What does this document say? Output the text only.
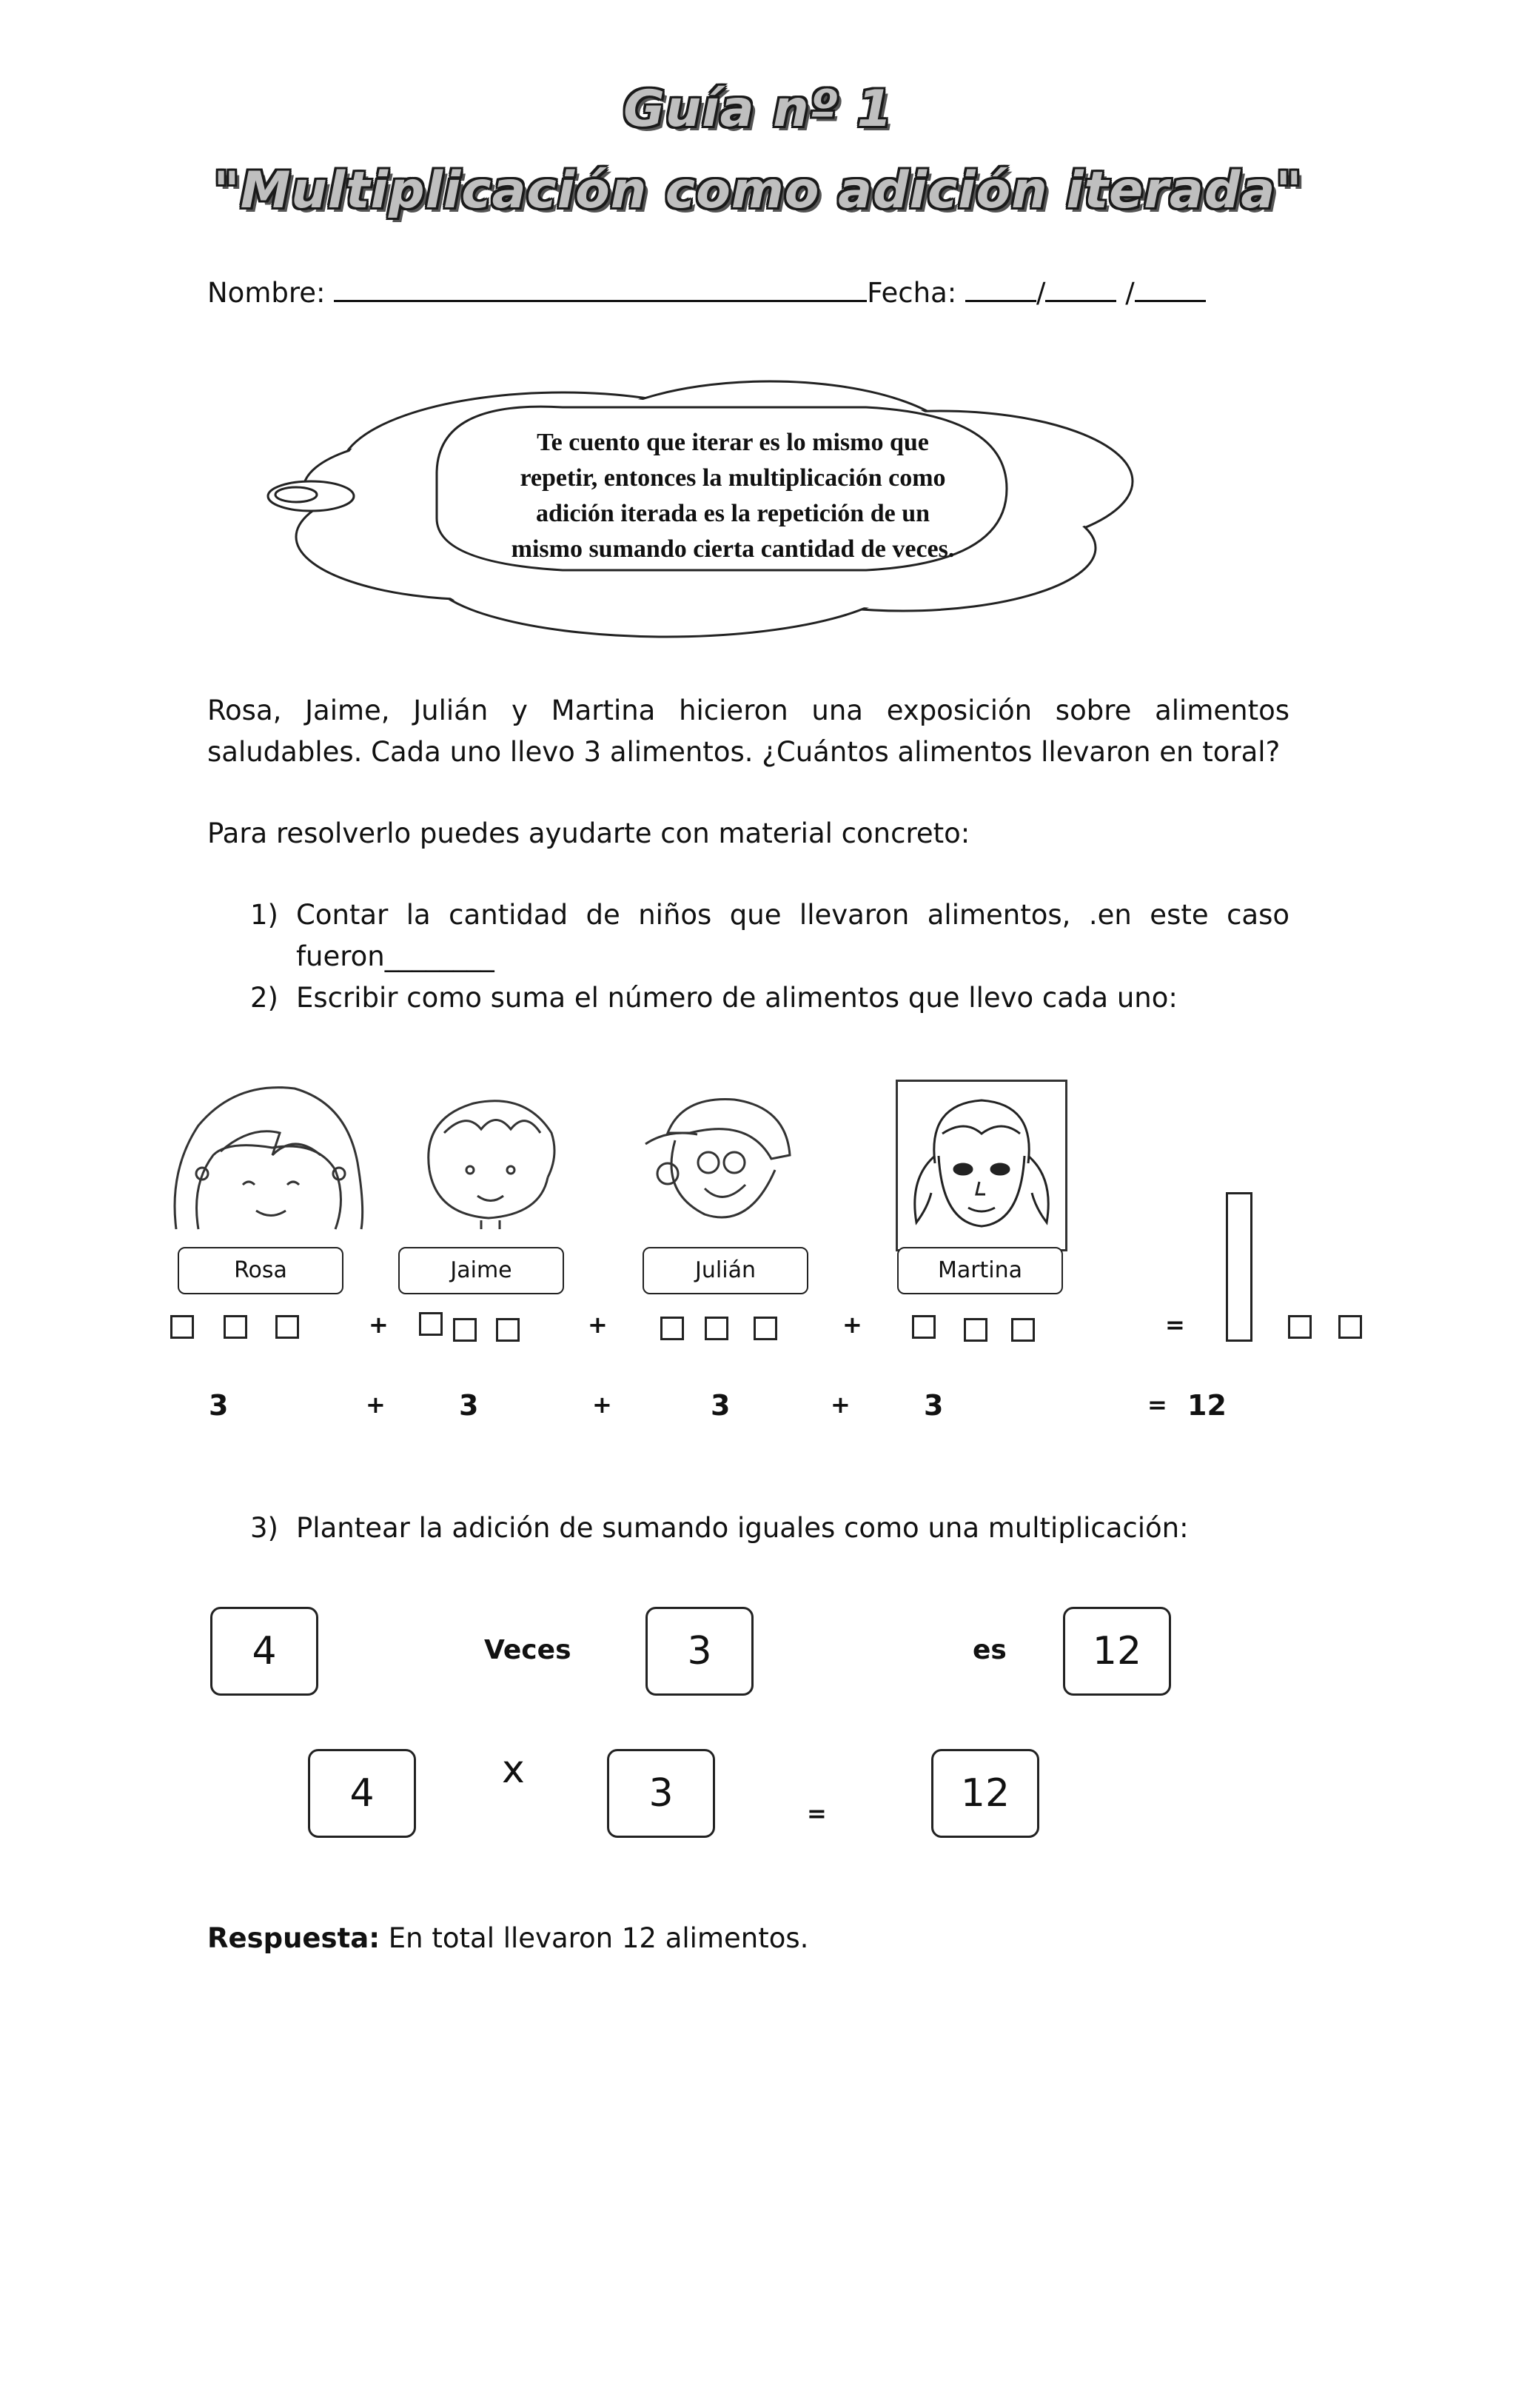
Guía nº 1
"Multiplicación como adición iterada"
Nombre:	Fecha:	/	/
Te cuento que iterar es lo mismo que
repetir, entonces la multiplicación como
adición iterada es la repetición de un
mismo sumando cierta cantidad de veces.
Rosa, Jaime, Julián y Martina hicieron una exposición sobre alimentos
saludables. Cada uno llevo 3 alimentos. ¿Cuántos alimentos llevaron en toral?
Para resolverlo puedes ayudarte con material concreto:
1) Contar la cantidad de niños que llevaron alimentos, .en este caso
fueron________
2) Escribir como suma el número de alimentos que llevo cada uno:
Rosa	Jaime	Julián	Martina
+	+	+	=
3	+	3	+	3	+	3	= 12
3) Plantear la adición de sumando iguales como una multiplicación:
4	Veces	3	es	12
4
x
3	=	12
Respuesta: En total llevaron 12 alimentos.
